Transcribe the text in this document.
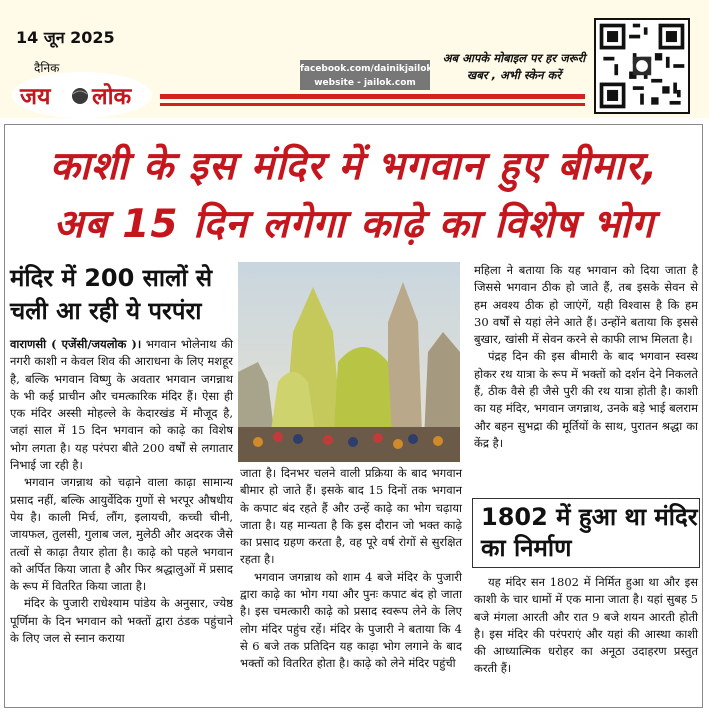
14 जून 2025
दैनिक
जय लोक
facebook.com/dainikjailok
website - jailok.com
अब आपके मोबाइल पर हर जरूरी खबर , अभी स्केन करें
काशी के इस मंदिर में भगवान हुए बीमार,
अब 15 दिन लगेगा काढ़े का विशेष भोग
मंदिर में 200 सालों से चली आ रही ये परपंरा

वाराणसी ( एजेंसी/जयलोक )। भगवान भोलेनाथ की नगरी काशी न केवल शिव की आराधना के लिए मशहूर है, बल्कि भगवान विष्णु के अवतार भगवान जगन्नाथ के भी कई प्राचीन और चमत्कारिक मंदिर हैं। ऐसा ही एक मंदिर अस्सी मोहल्ले के केदारखंड में मौजूद है, जहां साल में 15 दिन भगवान को काढ़े का विशेष भोग लगता है। यह परंपरा बीते 200 वर्षों से लगातार निभाई जा रही है।

भगवान जगन्नाथ को चढ़ाने वाला काढ़ा सामान्य प्रसाद नहीं, बल्कि आयुर्वेदिक गुणों से भरपूर औषधीय पेय है। काली मिर्च, लौंग, इलायची, कच्ची चीनी, जायफल, तुलसी, गुलाब जल, मुलेठी और अदरक जैसे तत्वों से काढ़ा तैयार होता है। काढ़े को पहले भगवान को अर्पित किया जाता है और फिर श्रद्धालुओं में प्रसाद के रूप में वितरित किया जाता है।

मंदिर के पुजारी राधेश्याम पांडेय के अनुसार, ज्येष्ठ पूर्णिमा के दिन भगवान को भक्तों द्वारा ठंडक पहुंचाने के लिए जल से स्नान कराया

जाता है। दिनभर चलने वाली प्रक्रिया के बाद भगवान बीमार हो जाते हैं। इसके बाद 15 दिनों तक भगवान के कपाट बंद रहते हैं और उन्हें काढ़े का भोग चढ़ाया जाता है। यह मान्यता है कि इस दौरान जो भक्त काढ़े का प्रसाद ग्रहण करता है, वह पूरे वर्ष रोगों से सुरक्षित रहता है।

भगवान जगन्नाथ को शाम 4 बजे मंदिर के पुजारी द्वारा काढ़े का भोग गया और पुनः कपाट बंद हो जाता है। इस चमत्कारी काढ़े को प्रसाद स्वरूप लेने के लिए लोग मंदिर पहुंच रहें। मंदिर के पुजारी ने बताया कि 4 से 6 बजे तक प्रतिदिन यह काढ़ा भोग लगाने के बाद भक्तों को वितरित होता है। काढ़े को लेने मंदिर पहुंची

महिला ने बताया कि यह भगवान को दिया जाता है जिससे भगवान ठीक हो जाते हैं, तब इसके सेवन से हम अवश्य ठीक हो जाएंगें, यही विश्वास है कि हम 30 वर्षों से यहां लेने आते हैं। उन्होंने बताया कि इससे बुखार, खांसी में सेवन करने से काफी लाभ मिलता है।

पंद्रह दिन की इस बीमारी के बाद भगवान स्वस्थ होकर रथ यात्रा के रूप में भक्तों को दर्शन देने निकलते हैं, ठीक वैसे ही जैसे पुरी की रथ यात्रा होती है। काशी का यह मंदिर, भगवान जगन्नाथ, उनके बड़े भाई बलराम और बहन सुभद्रा की मूर्तियों के साथ, पुरातन श्रद्धा का केंद्र है।

1802 में हुआ था मंदिर का निर्माण

यह मंदिर सन 1802 में निर्मित हुआ था और इस काशी के चार धामों में एक माना जाता है। यहां सुबह 5 बजे मंगला आरती और रात 9 बजे शयन आरती होती है। इस मंदिर की परंपराएं और यहां की आस्था काशी की आध्यात्मिक धरोहर का अनूठा उदाहरण प्रस्तुत करती हैं।
